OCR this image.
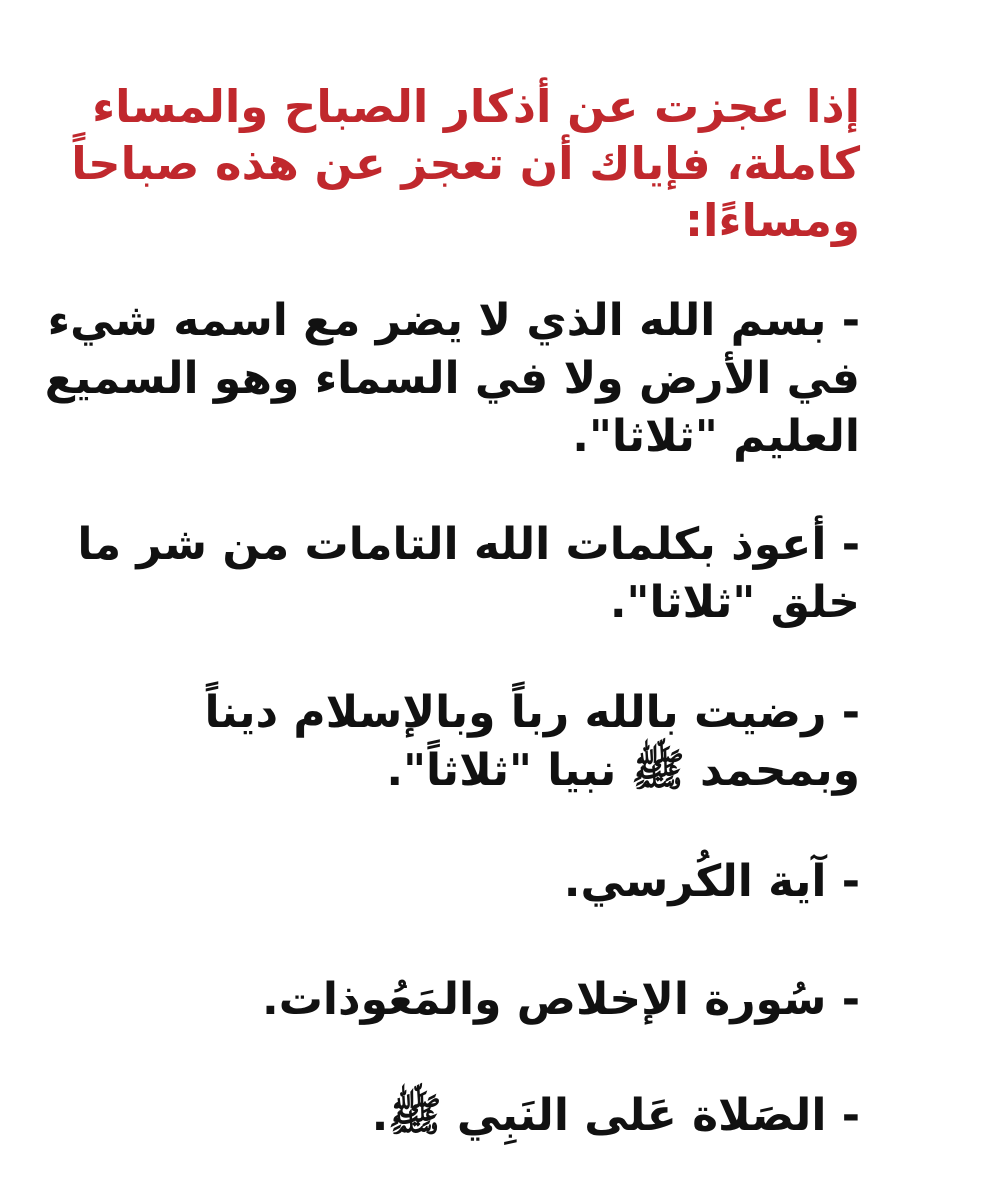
إذا عجزت عن أذكار الصباح والمساء
كاملة، فإياك أن تعجز عن هذه صباحاً
ومساءًا:
- بسم الله الذي لا يضر مع اسمه شيء
في الأرض ولا في السماء وهو السميع
العليم "ثلاثا".
- أعوذ بكلمات الله التامات من شر ما
خلق "ثلاثا".
- رضيت بالله رباً وبالإسلام ديناً
وبمحمد ﷺ نبيا "ثلاثاً".
- آية الكُرسي.
- سُورة الإخلاص والمَعُوذات.
- الصَلاة عَلى النَبِي ﷺ.
